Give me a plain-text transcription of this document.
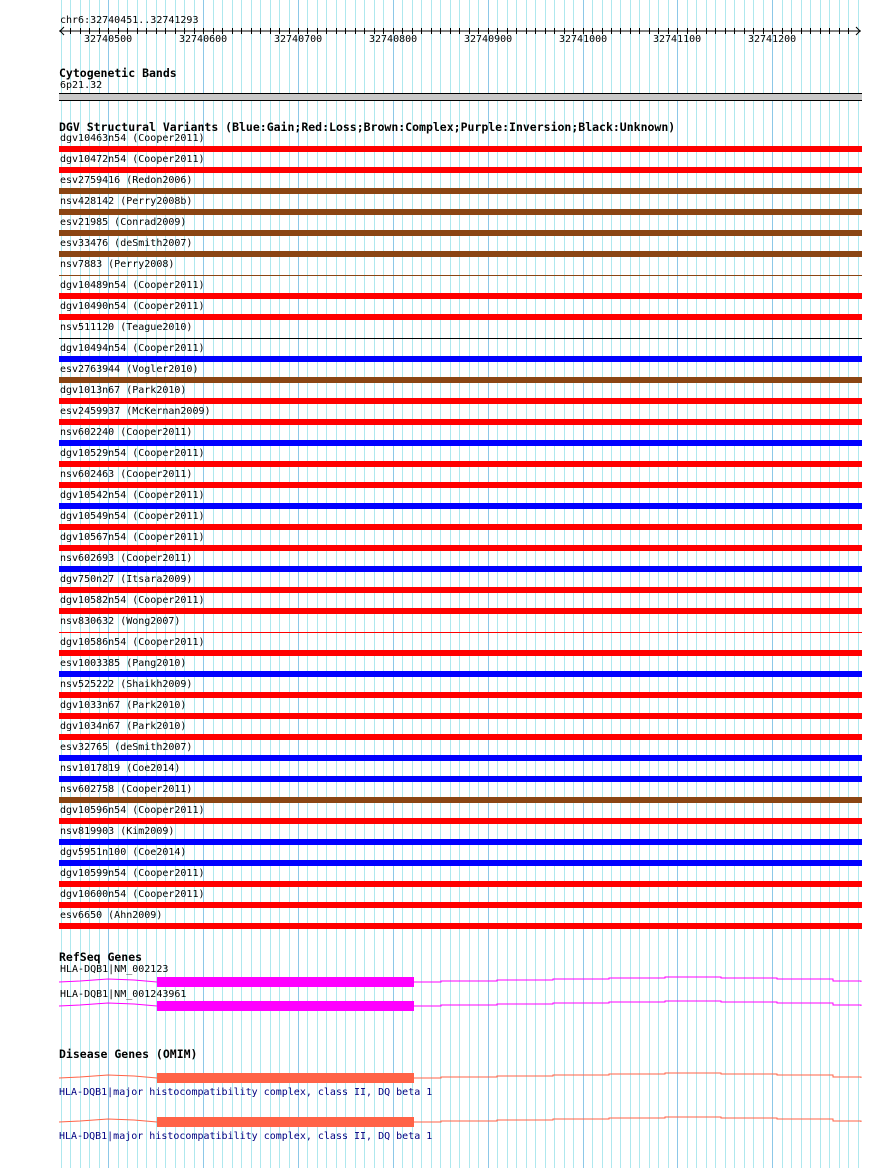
chr6:32740451..32741293
32740500	32740600	32740700	32740800	32740900	32741000	32741100	32741200
Cytogenetic Bands
6p21.32
DGV Structural Variants (Blue:Gain;Red:Loss;Brown:Complex;Purple:Inversion;Black:Unknown)
dgv10463n54 (Cooper2011)
dgv10472n54 (Cooper2011)
esv2759416 (Redon2006)
nsv428142 (Perry2008b)
esv21985 (Conrad2009)
esv33476 (deSmith2007)
nsv7883 (Perry2008)
dgv10489n54 (Cooper2011)
dgv10490n54 (Cooper2011)
nsv511120 (Teague2010)
dgv10494n54 (Cooper2011)
esv2763944 (Vogler2010)
dgv1013n67 (Park2010)
esv2459937 (McKernan2009)
nsv602240 (Cooper2011)
dgv10529n54 (Cooper2011)
nsv602463 (Cooper2011)
dgv10542n54 (Cooper2011)
dgv10549n54 (Cooper2011)
dgv10567n54 (Cooper2011)
nsv602693 (Cooper2011)
dgv750n27 (Itsara2009)
dgv10582n54 (Cooper2011)
nsv830632 (Wong2007)
dgv10586n54 (Cooper2011)
esv1003385 (Pang2010)
nsv525222 (Shaikh2009)
dgv1033n67 (Park2010)
dgv1034n67 (Park2010)
esv32765 (deSmith2007)
nsv1017819 (Coe2014)
nsv602758 (Cooper2011)
dgv10596n54 (Cooper2011)
nsv819903 (Kim2009)
dgv5951n100 (Coe2014)
dgv10599n54 (Cooper2011)
dgv10600n54 (Cooper2011)
esv6650 (Ahn2009)
RefSeq Genes
HLA-DQB1|NM_002123
HLA-DQB1|NM_001243961
Disease Genes (OMIM)
HLA-DQB1|major histocompatibility complex, class II, DQ beta 1
HLA-DQB1|major histocompatibility complex, class II, DQ beta 1
